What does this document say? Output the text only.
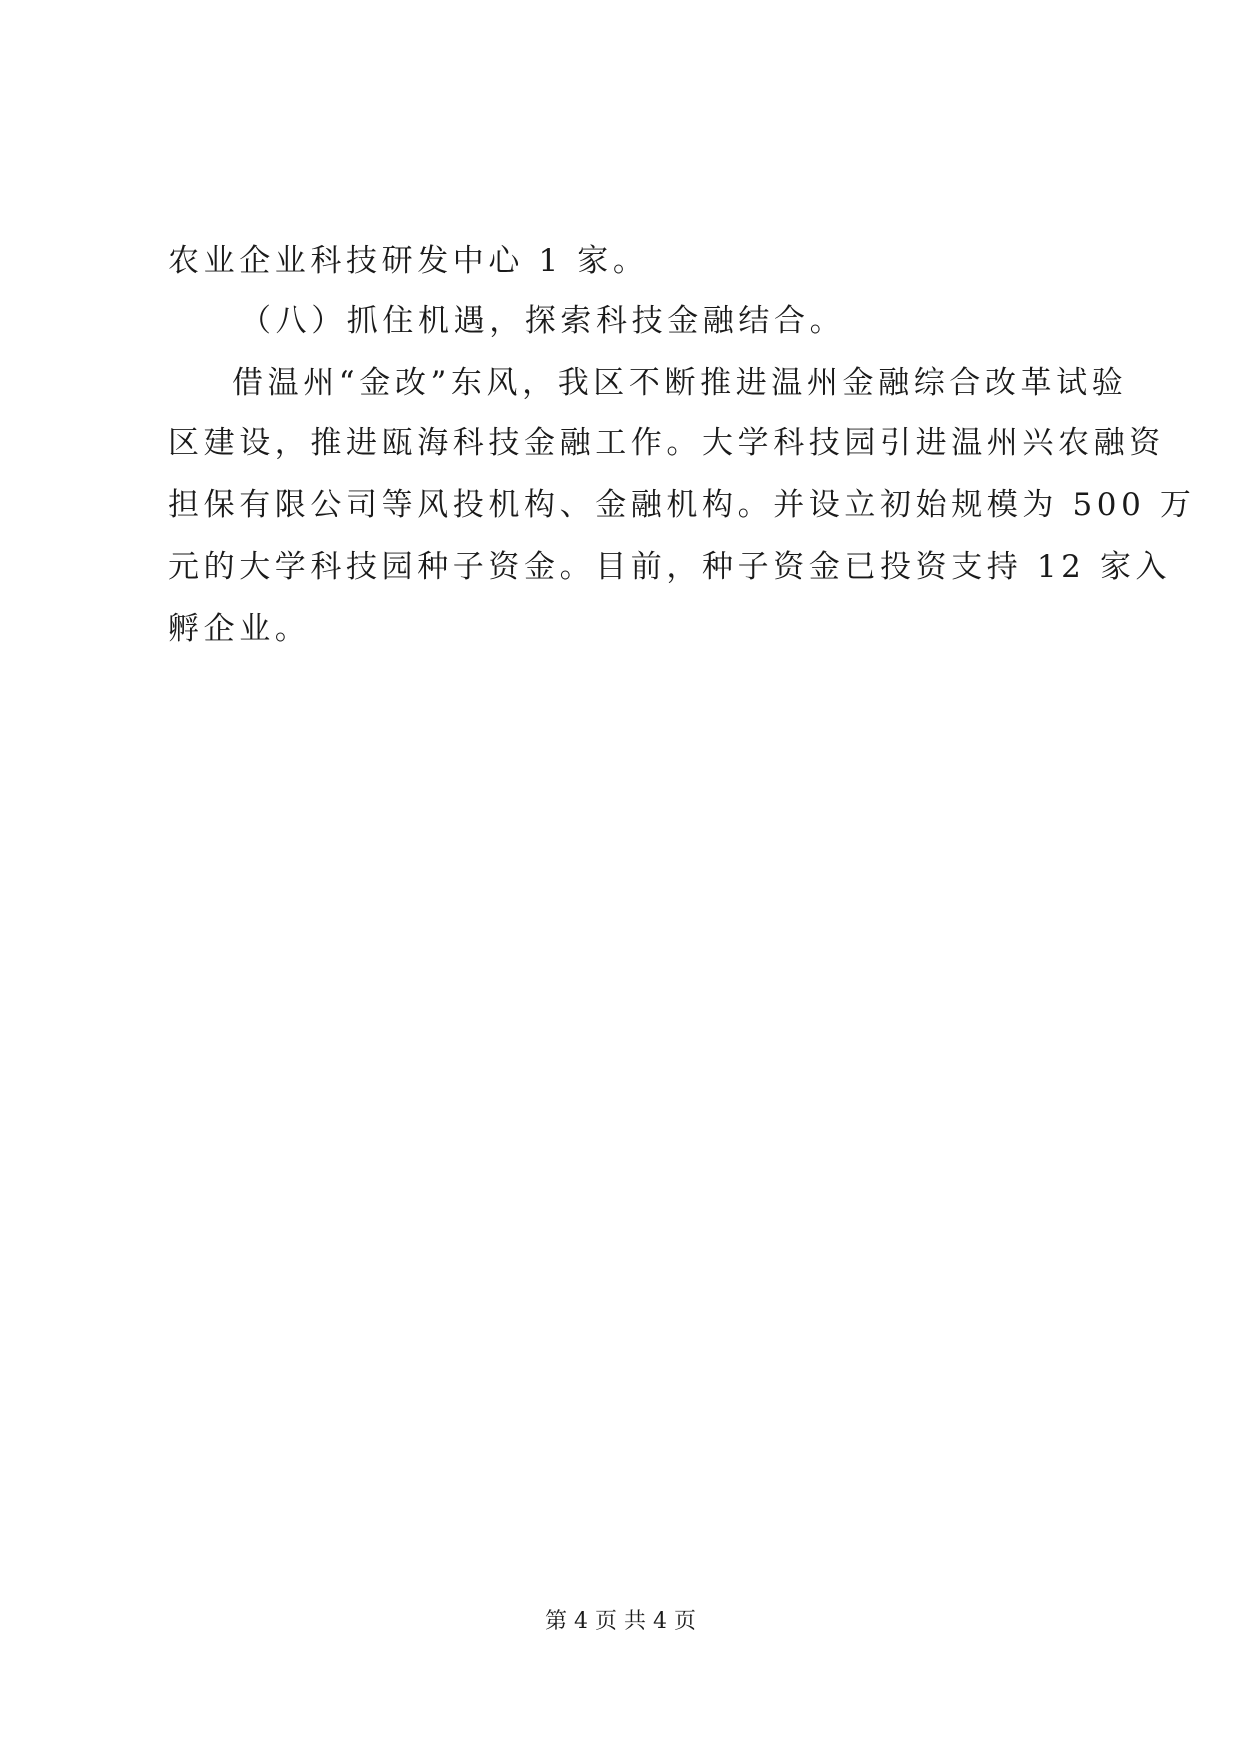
农业企业科技研发中心 1 家。
（八）抓住机遇，探索科技金融结合。
借温州“金改”东风，我区不断推进温州金融综合改革试验
区建设，推进瓯海科技金融工作。大学科技园引进温州兴农融资
担保有限公司等风投机构、金融机构。并设立初始规模为 500 万
元的大学科技园种子资金。目前，种子资金已投资支持 12 家入
孵企业。
第 4 页 共 4 页
